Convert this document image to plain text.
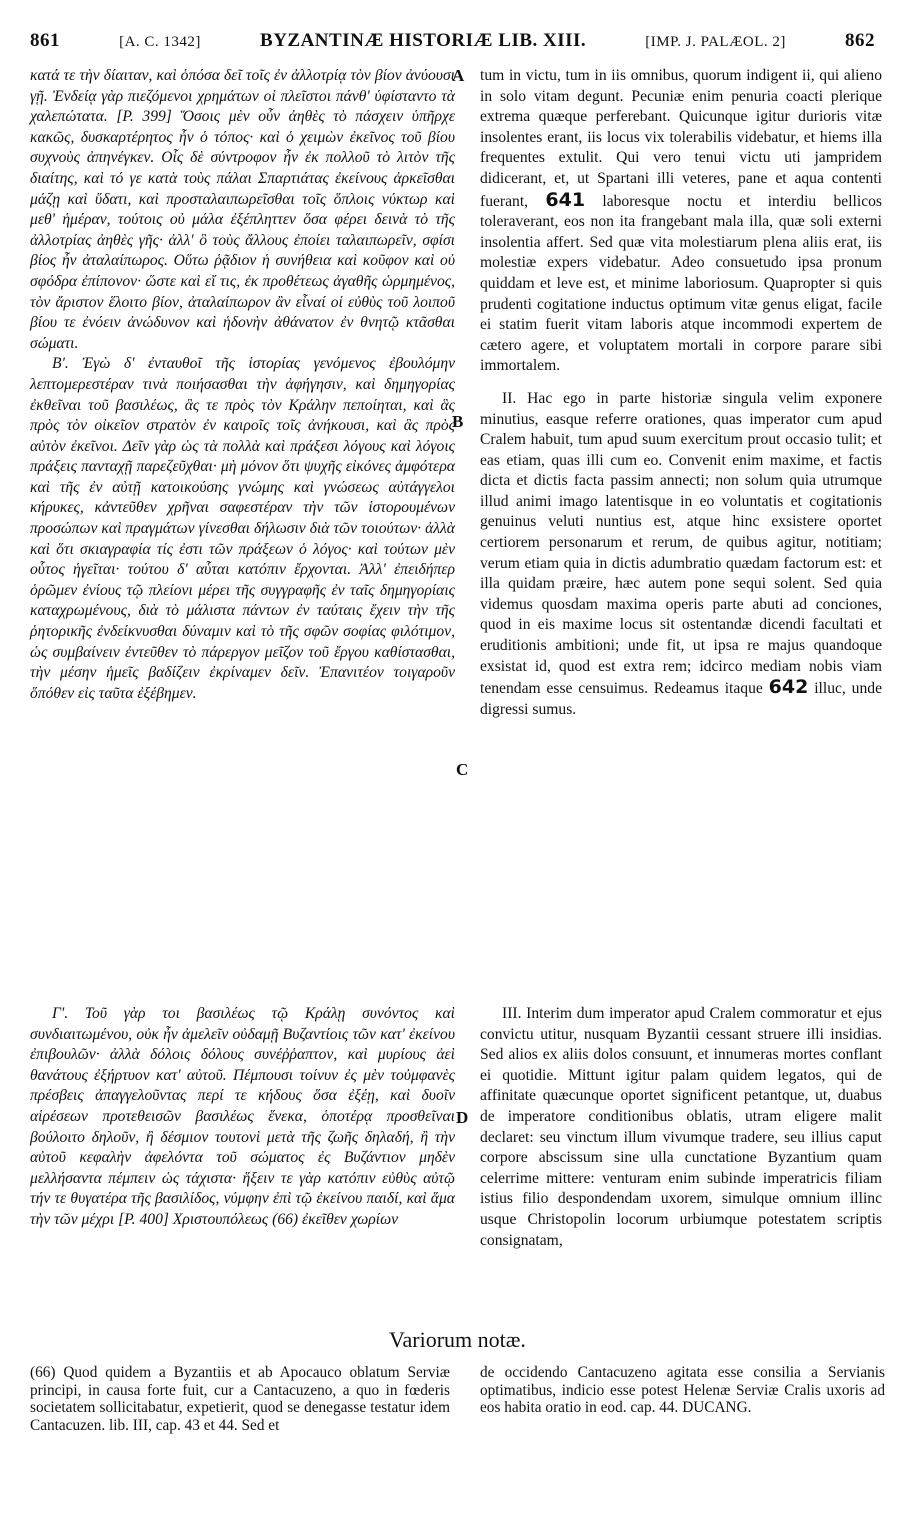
861	[A. C. 1342]	BYZANTINÆ HISTORIÆ LIB. XIII.	[IMP. J. PALÆOL. 2]	862
A
B
C
D

κατά τε τὴν δίαιταν, καὶ ὁπόσα δεῖ τοῖς ἐν ἀλλοτρίᾳ τὸν βίον ἀνύουσι γῇ. Ἐνδείᾳ γὰρ πιεζόμενοι χρημάτων οἱ πλεῖστοι πάνθ' ὑφίσταντο τὰ χαλεπώτατα. [P. 399] Ὅσοις μὲν οὖν ἀηθὲς τὸ πάσχειν ὑπῆρχε κακῶς, δυσκαρτέρητος ἦν ὁ τόπος· καὶ ὁ χειμὼν ἐκεῖνος τοῦ βίου συχνοὺς ἀπηνέγκεν. Οἷς δὲ σύντροφον ἦν ἐκ πολλοῦ τὸ λιτὸν τῆς διαίτης, καὶ τό γε κατὰ τοὺς πάλαι Σπαρτιάτας ἐκείνους ἀρκεῖσθαι μάζῃ καὶ ὕδατι, καὶ προσταλαιπωρεῖσθαι τοῖς ὅπλοις νύκτωρ καὶ μεθ' ἡμέραν, τούτοις οὐ μάλα ἐξέπληττεν ὅσα φέρει δεινὰ τὸ τῆς ἀλλοτρίας ἀηθὲς γῆς· ἀλλ' ὃ τοὺς ἄλλους ἐποίει ταλαιπωρεῖν, σφίσι βίος ἦν ἀταλαίπωρος. Οὕτω ῥᾷδιον ἡ συνήθεια καὶ κοῦφον καὶ οὐ σφόδρα ἐπίπονον· ὥστε καὶ εἴ τις, ἐκ προθέτεως ἀγαθῆς ὡρμημένος, τὸν ἄριστον ἕλοιτο βίον, ἀταλαίπωρον ἂν εἶναί οἱ εὐθὺς τοῦ λοιποῦ βίου τε ἐνόειν ἀνώδυνον καὶ ἡδονὴν ἀθάνατον ἐν θνητῷ κτᾶσθαι σώματι.

Β'. Ἐγὼ δ' ἐνταυθοῖ τῆς ἱστορίας γενόμενος ἐβουλόμην λεπτομερεστέραν τινὰ ποιήσασθαι τὴν ἀφήγησιν, καὶ δημηγορίας ἐκθεῖναι τοῦ βασιλέως, ἃς τε πρὸς τὸν Κράλην πεποίηται, καὶ ἃς πρὸς τὸν οἰκεῖον στρατὸν ἐν καιροῖς τοῖς ἀνήκουσι, καὶ ἃς πρὸς αὐτὸν ἐκεῖνοι. Δεῖν γὰρ ὡς τὰ πολλὰ καὶ πράξεσι λόγους καὶ λόγοις πράξεις πανταχῇ παρεζεῦχθαι· μὴ μόνον ὅτι ψυχῆς εἰκόνες ἀμφότερα καὶ τῆς ἐν αὐτῇ κατοικούσης γνώμης καὶ γνώσεως αὐτάγγελοι κήρυκες, κἀντεῦθεν χρῆναι σαφεστέραν τὴν τῶν ἱστορουμένων προσώπων καὶ πραγμάτων γίνεσθαι δήλωσιν διὰ τῶν τοιούτων· ἀλλὰ καὶ ὅτι σκιαγραφία τίς ἐστι τῶν πράξεων ὁ λόγος· καὶ τούτων μὲν οὗτος ἡγεῖται· τούτου δ' αὗται κατόπιν ἔρχονται. Ἀλλ' ἐπειδήπερ ὁρῶμεν ἐνίους τῷ πλείονι μέρει τῆς συγγραφῆς ἐν ταῖς δημηγορίαις καταχρωμένους, διὰ τὸ μάλιστα πάντων ἐν ταύταις ἔχειν τὴν τῆς ῥητορικῆς ἐνδείκνυσθαι δύναμιν καὶ τὸ τῆς σφῶν σοφίας φιλότιμον, ὡς συμβαίνειν ἐντεῦθεν τὸ πάρεργον μεῖζον τοῦ ἔργου καθίστασθαι, τὴν μέσην ἡμεῖς βαδίζειν ἐκρίναμεν δεῖν. Ἐπανιτέον τοιγαροῦν ὅπόθεν εἰς ταῦτα ἐξέβημεν.

Γ'. Τοῦ γὰρ τοι βασιλέως τῷ Κράλῃ συνόντος καὶ συνδιαιτωμένου, οὐκ ἦν ἀμελεῖν οὐδαμῇ Βυζαντίοις τῶν κατ' ἐκείνου ἐπιβουλῶν· ἀλλὰ δόλοις δόλους συνέῤῥαπτον, καὶ μυρίους ἀεὶ θανάτους ἐξήρτυον κατ' αὐτοῦ. Πέμπουσι τοίνυν ἐς μὲν τοὐμφανὲς πρέσβεις ἀπαγγελοῦντας περί τε κήδους ὅσα ἐξέῃ, καὶ δυοῖν αἱρέσεων προτεθεισῶν βασιλέως ἕνεκα, ὁποτέρᾳ προσθεῖναι βούλοιτο δηλοῦν, ἢ δέσμιον τουτονὶ μετὰ τῆς ζωῆς δηλαδή, ἢ τὴν αὐτοῦ κεφαλὴν ἀφελόντα τοῦ σώματος ἐς Βυζάντιον μηδὲν μελλήσαντα πέμπειν ὡς τάχιστα· ἥξειν τε γὰρ κατόπιν εὐθὺς αὐτῷ τήν τε θυγατέρα τῆς βασιλίδος, νύμφην ἐπὶ τῷ ἐκείνου παιδί, καὶ ἅμα τὴν τῶν μέχρι [P. 400] Χριστουπόλεως (66) ἐκεῖθεν χωρίων

tum in victu, tum in iis omnibus, quorum indigent ii, qui alieno in solo vitam degunt. Pecuniæ enim penuria coacti plerique extrema quæque perferebant. Quicunque igitur durioris vitæ insolentes erant, iis locus vix tolerabilis videbatur, et hiems illa frequentes extulit. Qui vero tenui victu uti jampridem didicerant, et, ut Spartani illi veteres, pane et aqua contenti fuerant, 641 laboresque noctu et interdiu bellicos toleraverant, eos non ita frangebant mala illa, quæ soli externi insolentia affert. Sed quæ vita molestiarum plena aliis erat, iis molestiæ expers videbatur. Adeo consuetudo ipsa pronum quiddam et leve est, et minime laboriosum. Quapropter si quis prudenti cogitatione inductus optimum vitæ genus eligat, facile ei statim fuerit vitam laboris atque incommodi expertem de cætero agere, et voluptatem mortali in corpore parare sibi immortalem.

II. Hac ego in parte historiæ singula velim exponere minutius, easque referre orationes, quas imperator cum apud Cralem habuit, tum apud suum exercitum prout occasio tulit; et eas etiam, quas illi cum eo. Convenit enim maxime, et factis dicta et dictis facta passim annecti; non solum quia utrumque illud animi imago latentisque in eo voluntatis et cogitationis genuinus veluti nuntius est, atque hinc exsistere oportet certiorem personarum et rerum, de quibus agitur, notitiam; verum etiam quia in dictis adumbratio quædam factorum est: et illa quidam præire, hæc autem pone sequi solent. Sed quia videmus quosdam maxima operis parte abuti ad conciones, quod in eis maxime locus sit ostentandæ dicendi facultati et eruditionis ambitioni; unde fit, ut ipsa re majus quandoque exsistat id, quod est extra rem; idcirco mediam nobis viam tenendam esse censuimus. Redeamus itaque 642 illuc, unde digressi sumus.

III. Interim dum imperator apud Cralem commoratur et ejus convictu utitur, nusquam Byzantii cessant struere illi insidias. Sed alios ex aliis dolos consuunt, et innumeras mortes conflant ei quotidie. Mittunt igitur palam quidem legatos, qui de affinitate quæcunque oportet significent petantque, ut, duabus de imperatore conditionibus oblatis, utram eligere malit declaret: seu vinctum illum vivumque tradere, seu illius caput corpore abscissum sine ulla cunctatione Byzantium quam celerrime mittere: venturam enim subinde imperatricis filiam istius filio despondendam uxorem, simulque omnium illinc usque Christopolin locorum urbiumque potestatem scriptis consignatam,

Variorum notæ.
(66) Quod quidem a Byzantiis et ab Apocauco oblatum Serviæ principi, in causa forte fuit, cur a Cantacuzeno, a quo in fœderis societatem sollicitabatur, expetierit, quod se denegasse testatur idem Cantacuzen. lib. III, cap. 43 et 44. Sed et
de occidendo Cantacuzeno agitata esse consilia a Servianis optimatibus, indicio esse potest Helenæ Serviæ Cralis uxoris ad eos habita oratio in eod. cap. 44. DUCANG.
